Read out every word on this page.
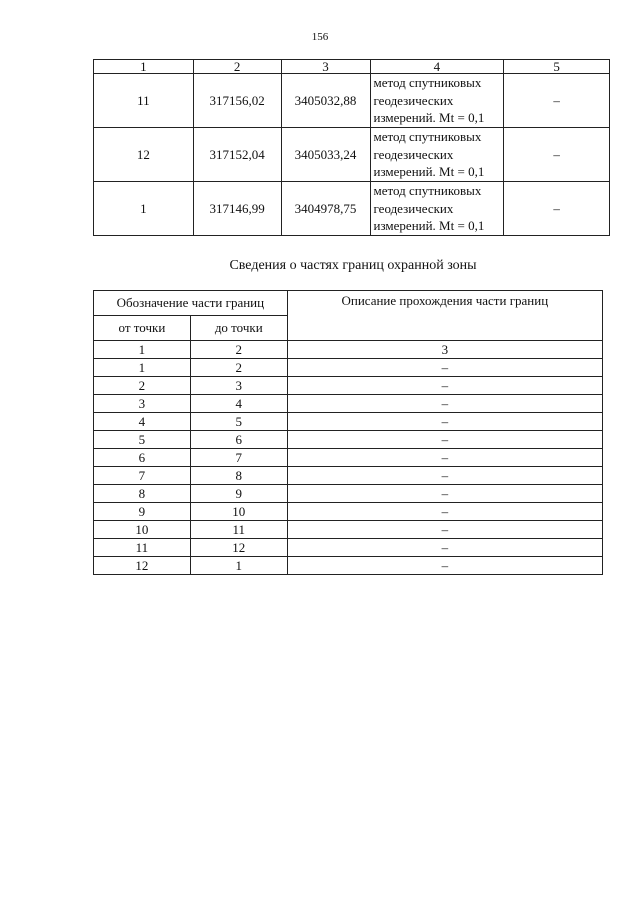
156
1	2	3	4	5
11	317156,02	3405032,88	метод спутниковых
геодезических
измерений. Mt = 0,1	–
12	317152,04	3405033,24	метод спутниковых
геодезических
измерений. Mt = 0,1	–
1	317146,99	3404978,75	метод спутниковых
геодезических
измерений. Mt = 0,1	–
Сведения о частях границ охранной зоны
Обозначение части границ		Описание прохождения части границ
от точки	до точки	
1	2	3
1	2	–
2	3	–
3	4	–
4	5	–
5	6	–
6	7	–
7	8	–
8	9	–
9	10	–
10	11	–
11	12	–
12	1	–
